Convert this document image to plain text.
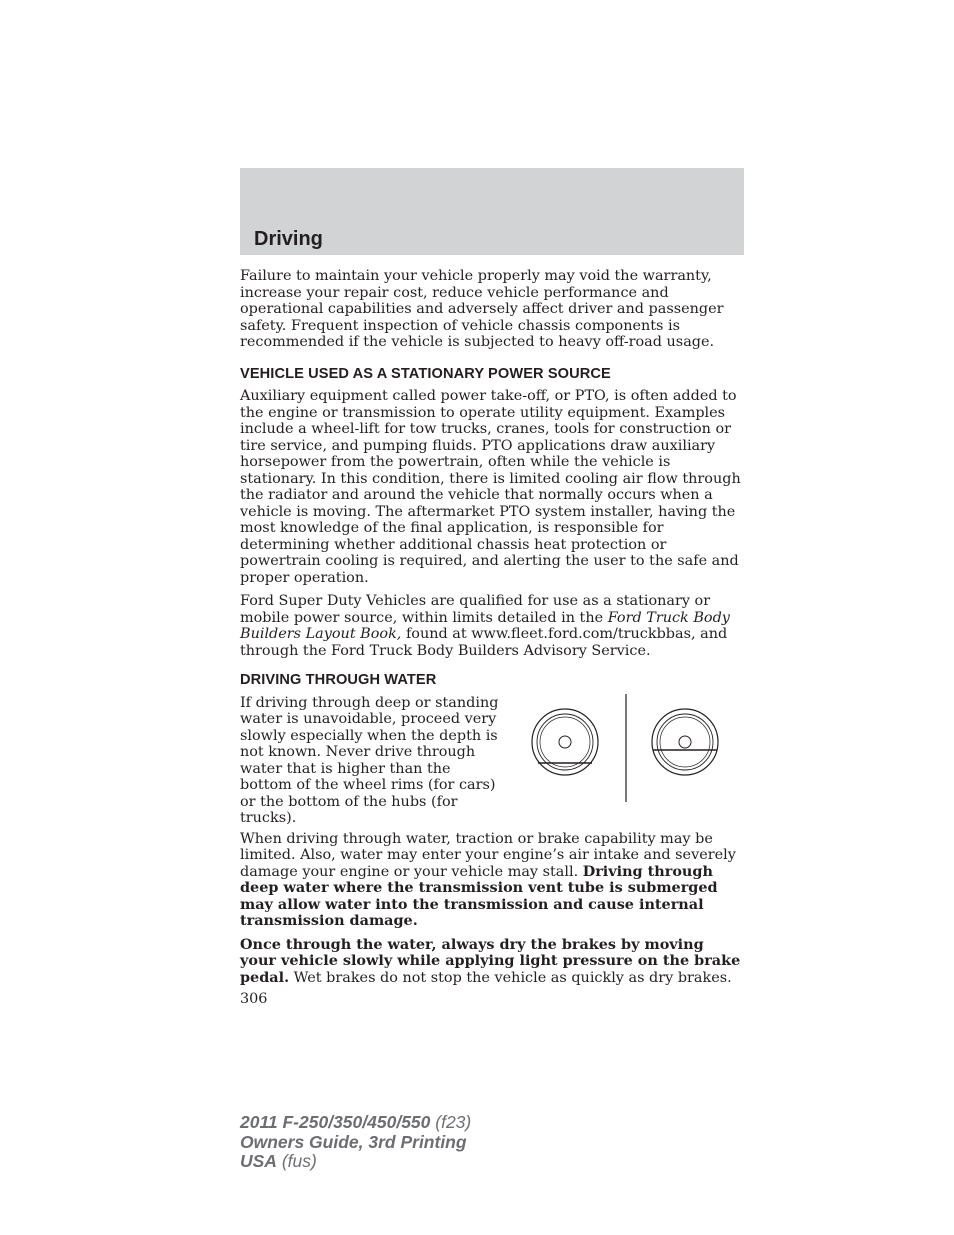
Driving

Failure to maintain your vehicle properly may void the warranty, increase your repair cost, reduce vehicle performance and operational capabilities and adversely affect driver and passenger safety. Frequent inspection of vehicle chassis components is recommended if the vehicle is subjected to heavy off-road usage.

VEHICLE USED AS A STATIONARY POWER SOURCE

Auxiliary equipment called power take-off, or PTO, is often added to the engine or transmission to operate utility equipment. Examples include a wheel-lift for tow trucks, cranes, tools for construction or tire service, and pumping fluids. PTO applications draw auxiliary horsepower from the powertrain, often while the vehicle is stationary. In this condition, there is limited cooling air flow through the radiator and around the vehicle that normally occurs when a vehicle is moving. The aftermarket PTO system installer, having the most knowledge of the final application, is responsible for determining whether additional chassis heat protection or powertrain cooling is required, and alerting the user to the safe and proper operation.

Ford Super Duty Vehicles are qualified for use as a stationary or mobile power source, within limits detailed in the Ford Truck Body Builders Layout Book, found at www.fleet.ford.com/truckbbas, and through the Ford Truck Body Builders Advisory Service.

DRIVING THROUGH WATER

If driving through deep or standing water is unavoidable, proceed very slowly especially when the depth is not known. Never drive through water that is higher than the bottom of the wheel rims (for cars) or the bottom of the hubs (for trucks).

When driving through water, traction or brake capability may be limited. Also, water may enter your engine’s air intake and severely damage your engine or your vehicle may stall. Driving through deep water where the transmission vent tube is submerged may allow water into the transmission and cause internal transmission damage.

Once through the water, always dry the brakes by moving your vehicle slowly while applying light pressure on the brake pedal. Wet brakes do not stop the vehicle as quickly as dry brakes.

306

2011 F-250/350/450/550 (f23)
Owners Guide, 3rd Printing
USA (fus)
